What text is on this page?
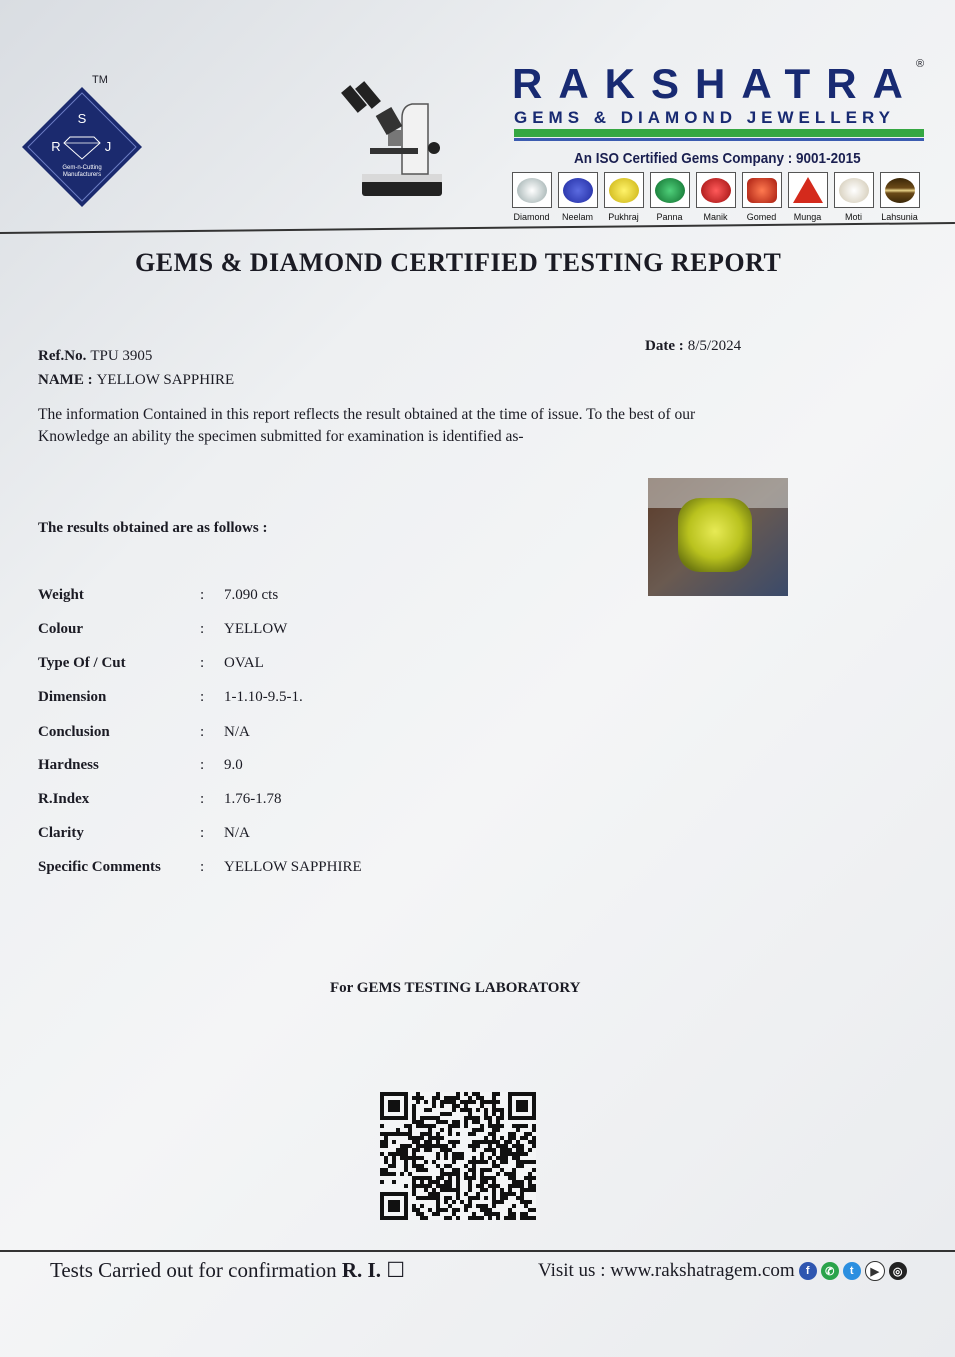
TM
S
R	J
Gem-n-Cutting
Manufacturers
RAKSHATRA
®
GEMS & DIAMOND JEWELLERY
An ISO Certified Gems Company : 9001-2015
Diamond Neelam Pukhraj Panna Manik Gomed Munga	Moti Lahsunia
GEMS & DIAMOND CERTIFIED TESTING REPORT
Ref.No. TPU 3905
NAME : YELLOW SAPPHIRE
Date : 8/5/2024
The information Contained in this report reflects the result obtained at the time of issue. To the best of our
Knowledge an ability the specimen submitted for examination is identified as-
The results obtained are as follows :
Weight	:	7.090 cts
Colour	:	YELLOW
Type Of / Cut	:	OVAL
Dimension	:	1-1.10-9.5-1.
Conclusion	:	N/A
Hardness	:	9.0
R.Index	:	1.76-1.78
Clarity	:	N/A
Specific Comments	:	YELLOW SAPPHIRE
For GEMS TESTING LABORATORY
Tests Carried out for confirmation R. I. ☐	Visit us : www.rakshatragem.com	f	✆	t	▶	◎
